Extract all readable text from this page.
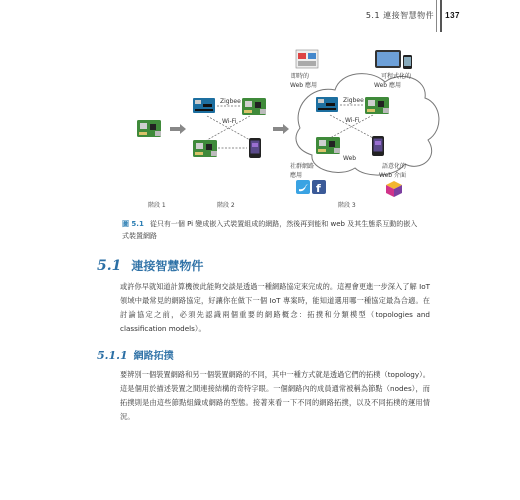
5.1 連接智慧物件 137
Zigbee
Wi-Fi
Zigbee
Wi-Fi
Web
即時的
Web 應用
可程式化的
Web 應用
社群網路
應用
f
語意化的
Web 介面
階段 1	階段 2	階段 3
圖 5.1 從只有一個 Pi 變成嵌入式裝置組成的網路，然後再到能和 web 及其生態系互動的嵌入式裝置網路
5.1 連接智慧物件
或許你早就知道計算機彼此能夠交談是透過一種網路協定來完成的。這裡會更進一步深入了解 IoT 領域中最常見的網路協定，好讓你在做下一個 IoT 專案時，能知道選用哪一種協定最為合適。在討論協定之前，必須先認識兩個重要的網路概念：拓撲和分類模型（topologies and classification models）。
5.1.1 網路拓撲
要辨別一個裝置網路和另一個裝置網路的不同，其中一種方式就是透過它們的拓樸（topology）。這是個用於描述裝置之間連接結構的奇特字眼。一個網路內的成員通常被稱為節點（nodes），而拓撲則是由這些節點組織成網路的型態。接著來看一下不同的網路拓撲，以及不同拓樸的運用情況。
